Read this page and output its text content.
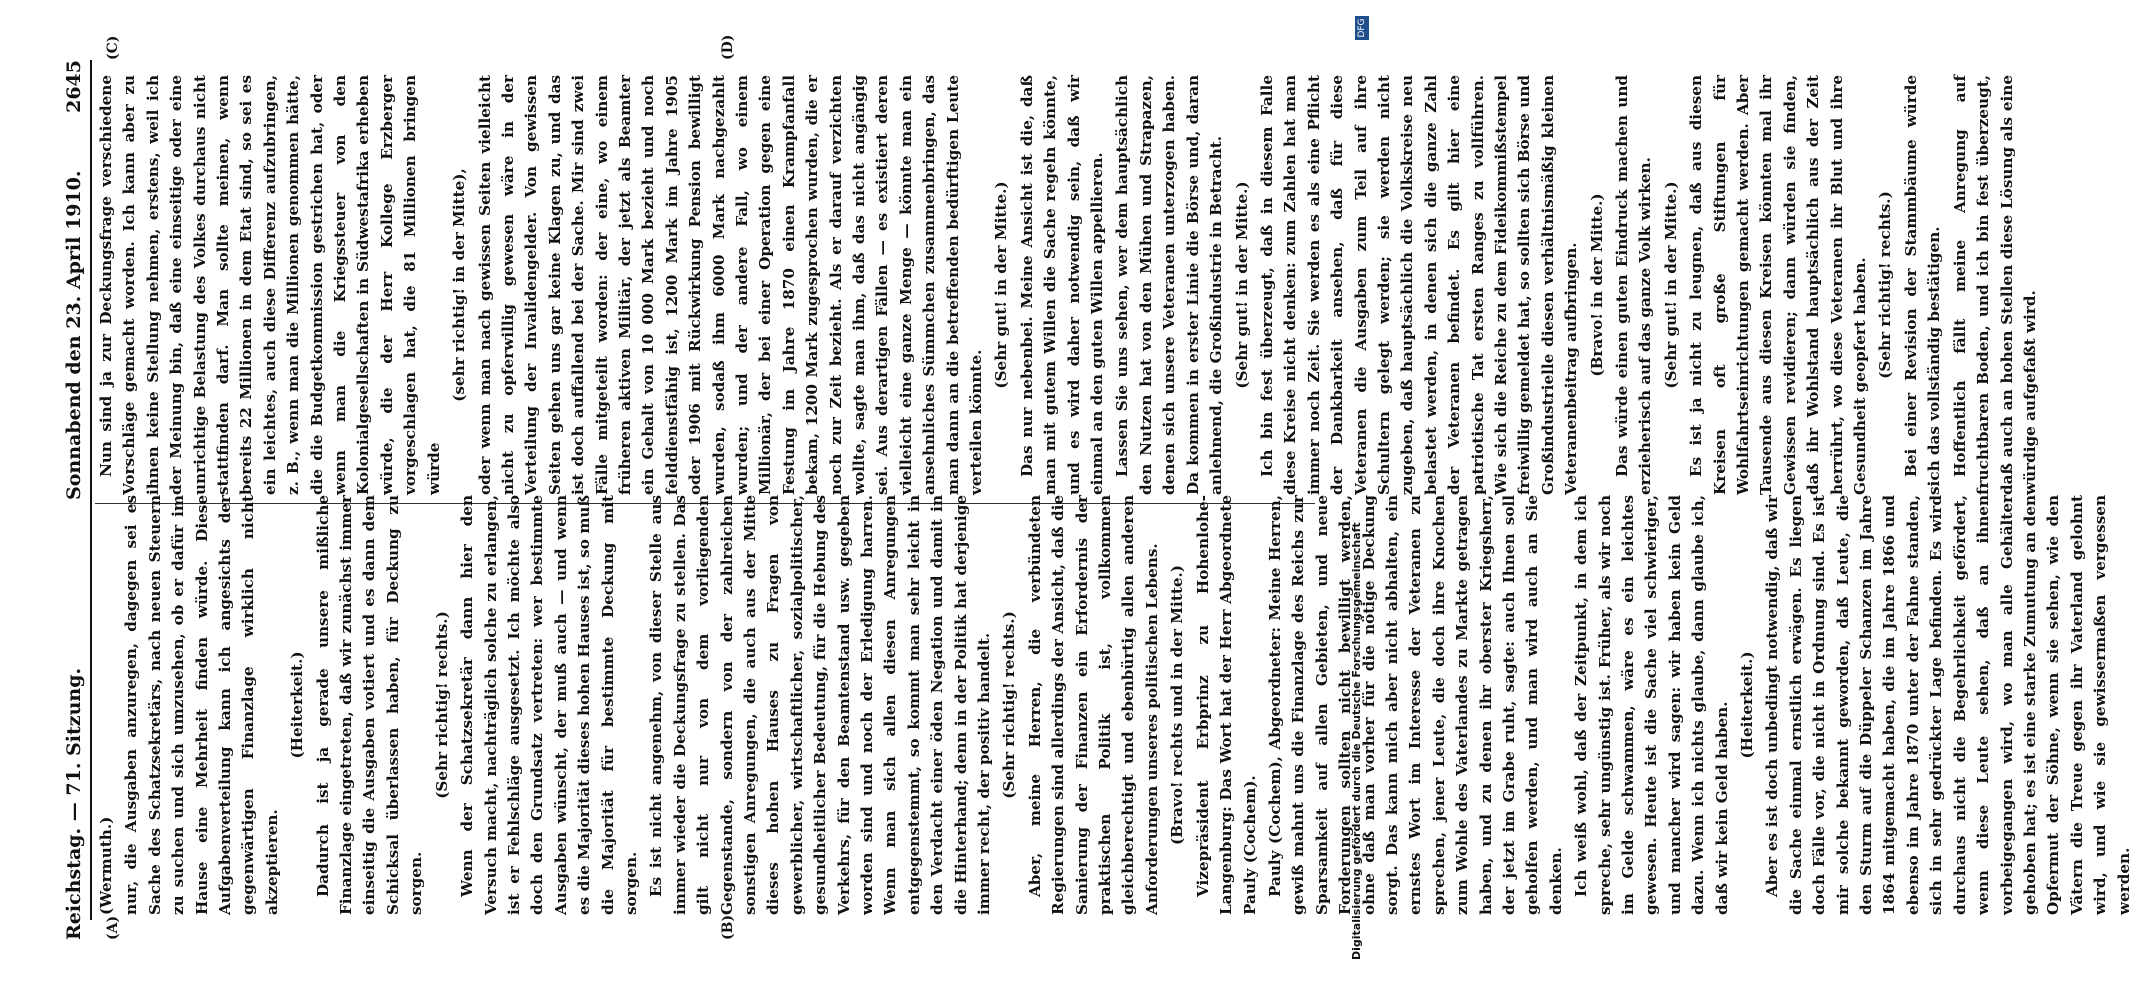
Reichstag. — 71. Sitzung.
Sonnabend den 23. April 1910.
2645
(A)	(B)
(C)	(D)

(Wermuth.) nur, die Ausgaben anzuregen, dagegen sei es Sache des Schatzsekretärs, nach neuen Steuern zu suchen und sich umzusehen, ob er dafür im Hause eine Mehrheit finden würde. Diese Aufgabenverteilung kann ich angesichts der gegenwärtigen Finanzlage wirklich nicht akzeptieren.

(Heiterkeit.) Dadurch ist ja gerade unsere mißliche Finanzlage eingetreten, daß wir zunächst immer einseitig die Ausgaben votiert und es dann dem Schicksal überlassen haben, für Deckung zu sorgen.

(Sehr richtig! rechts.) Wenn der Schatzsekretär dann hier den Versuch macht, nachträglich solche zu erlangen, ist er Fehlschläge ausgesetzt. Ich möchte also doch den Grundsatz vertreten: wer bestimmte Ausgaben wünscht, der muß auch — und wenn es die Majorität dieses hohen Hauses ist, so muß die Majorität für bestimmte Deckung mit sorgen. Es ist nicht angenehm, von dieser Stelle aus immer wieder die Deckungsfrage zu stellen. Das gilt nicht nur von dem vorliegenden Gegenstande, sondern von der zahlreichen sonstigen Anregungen, die auch aus der Mitte dieses hohen Hauses zu Fragen von gewerblicher, wirtschaftlicher, sozialpolitischer, gesundheitlicher Bedeutung, für die Hebung des Verkehrs, für den Beamtenstand usw. gegeben worden sind und noch der Erledigung harren. Wenn man sich allen diesen Anregungen entgegenstemmt, so kommt man sehr leicht in den Verdacht einer öden Negation und damit in die Hinterhand; denn in der Politik hat derjenige immer recht, der positiv handelt. (Sehr richtig! rechts.) Aber, meine Herren, die verbündeten Regierungen sind allerdings der Ansicht, daß die Sanierung der Finanzen ein Erfordernis der praktischen Politik ist, vollkommen gleichberechtigt und ebenbürtig allen anderen Anforderungen unseres politischen Lebens. (Bravo! rechts und in der Mitte.) Vizepräsident Erbprinz zu Hohenlohe-Langenburg: Das Wort hat der Herr Abgeordnete Pauly (Cochem). Pauly (Cochem), Abgeordneter: Meine Herren, gewiß mahnt uns die Finanzlage des Reichs zur Sparsamkeit auf allen Gebieten, und neue Forderungen sollten nicht bewilligt werden, ohne daß man vorher für die nötige Deckung sorgt. Das kann mich aber nicht abhalten, ein ernstes Wort im Interesse der Veteranen zu sprechen, jener Leute, die doch ihre Knochen zum Wohle des Vaterlandes zu Markte getragen haben, und zu denen ihr oberster Kriegsherr, der jetzt im Grabe ruht, sagte: auch Ihnen soll geholfen werden, und man wird auch an Sie denken. Ich weiß wohl, daß der Zeitpunkt, in dem ich spreche, sehr ungünstig ist. Früher, als wir noch im Gelde schwammen, wäre es ein leichtes gewesen. Heute ist die Sache viel schwieriger, und mancher wird sagen: wir haben kein Geld dazu. Wenn ich nichts glaube, dann glaube ich, daß wir kein Geld haben. (Heiterkeit.) Aber es ist doch unbedingt notwendig, daß wir die Sache einmal ernstlich erwägen. Es liegen doch Fälle vor, die nicht in Ordnung sind. Es ist mir solche bekannt geworden, daß Leute, die den Sturm auf die Düppeler Schanzen im Jahre 1864 mitgemacht haben, die im Jahre 1866 und ebenso im Jahre 1870 unter der Fahne standen, sich in sehr gedrückter Lage befinden. Es wird durchaus nicht die Begehrlichkeit gefördert, wenn diese Leute sehen, daß an ihnen vorbeigegangen wird, wo man alle Gehälter gehoben hat; es ist eine starke Zumutung an den Opfermut der Söhne, wenn sie sehen, wie den Vätern die Treue gegen ihr Vaterland gelohnt wird, und wie sie gewissermaßen vergessen werden.

Nun sind ja zur Deckungsfrage verschiedene Vorschläge gemacht worden. Ich kann aber zu ihnen keine Stellung nehmen, erstens, weil ich der Meinung bin, daß eine einseitige oder eine unrichtige Belastung des Volkes durchaus nicht stattfinden darf. Man sollte meinen, wenn bereits 22 Millionen in dem Etat sind, so sei es ein leichtes, auch diese Differenz aufzubringen, z. B., wenn man die Millionen genommen hätte, die die Budgetkommission gestrichen hat, oder wenn man die Kriegssteuer von den Kolonialgesellschaften in Südwestafrika erheben würde, die der Herr Kollege Erzberger vorgeschlagen hat, die 81 Millionen bringen würde

(sehr richtig! in der Mitte), oder wenn man nach gewissen Seiten vielleicht nicht zu opferwillig gewesen wäre in der Verteilung der Invalidengelder. Von gewissen Seiten gehen uns gar keine Klagen zu, und das ist doch auffallend bei der Sache. Mir sind zwei Fälle mitgeteilt worden: der eine, wo einem früheren aktiven Militär, der jetzt als Beamter ein Gehalt von 10 000 Mark bezieht und noch felddienstfähig ist, 1200 Mark im Jahre 1905 oder 1906 mit Rückwirkung Pension bewilligt wurden, sodaß ihm 6000 Mark nachgezahlt wurden; und der andere Fall, wo einem Millionär, der bei einer Operation gegen eine Festung im Jahre 1870 einen Krampfanfall bekam, 1200 Mark zugesprochen wurden, die er noch zur Zeit bezieht. Als er darauf verzichten wollte, sagte man ihm, daß das nicht angängig sei. Aus derartigen Fällen — es existiert deren vielleicht eine ganze Menge — könnte man ein ansehnliches Sümmchen zusammenbringen, das man dann an die betreffenden bedürftigen Leute verteilen könnte.

(Sehr gut! in der Mitte.) Das nur nebenbei. Meine Ansicht ist die, daß man mit gutem Willen die Sache regeln könnte, und es wird daher notwendig sein, daß wir einmal an den guten Willen appellieren. Lassen Sie uns sehen, wer dem hauptsächlich den Nutzen hat von den Mühen und Strapazen, denen sich unsere Veteranen unterzogen haben. Da kommen in erster Linie die Börse und, daran anlehnend, die Großindustrie in Betracht. (Sehr gut! in der Mitte.) Ich bin fest überzeugt, daß in diesem Falle diese Kreise nicht denken: zum Zahlen hat man immer noch Zeit. Sie werden es als eine Pflicht der Dankbarkeit ansehen, daß für diese Veteranen die Ausgaben zum Teil auf ihre Schultern gelegt werden; sie werden nicht zugeben, daß hauptsächlich die Volkskreise neu belastet werden, in denen sich die ganze Zahl der Veteranen befindet. Es gilt hier eine patriotische Tat ersten Ranges zu vollführen. Wie sich die Reiche zu dem Fideikommißstempel freiwillig gemeldet hat, so sollten sich Börse und Großindustrielle diesen verhältnismäßig kleinen Veteranenbeitrag aufbringen. (Bravo! in der Mitte.) Das würde einen guten Eindruck machen und erzieherisch auf das ganze Volk wirken. (Sehr gut! in der Mitte.) Es ist ja nicht zu leugnen, daß aus diesen Kreisen oft große Stiftungen für Wohlfahrtseinrichtungen gemacht werden. Aber Tausende aus diesen Kreisen könnten mal ihr Gewissen revidieren; dann würden sie finden, daß ihr Wohlstand hauptsächlich aus der Zeit herrührt, wo diese Veteranen ihr Blut und ihre Gesundheit geopfert haben. (Sehr richtig! rechts.) Bei einer Revision der Stammbäume würde sich das vollständig bestätigen. Hoffentlich fällt meine Anregung auf fruchtbaren Boden, und ich bin fest überzeugt, daß auch an hohen Stellen diese Lösung als eine würdige aufgefaßt wird.

Digitalisierung gefördert durch die Deutsche Forschungsgemeinschaft
DFG
